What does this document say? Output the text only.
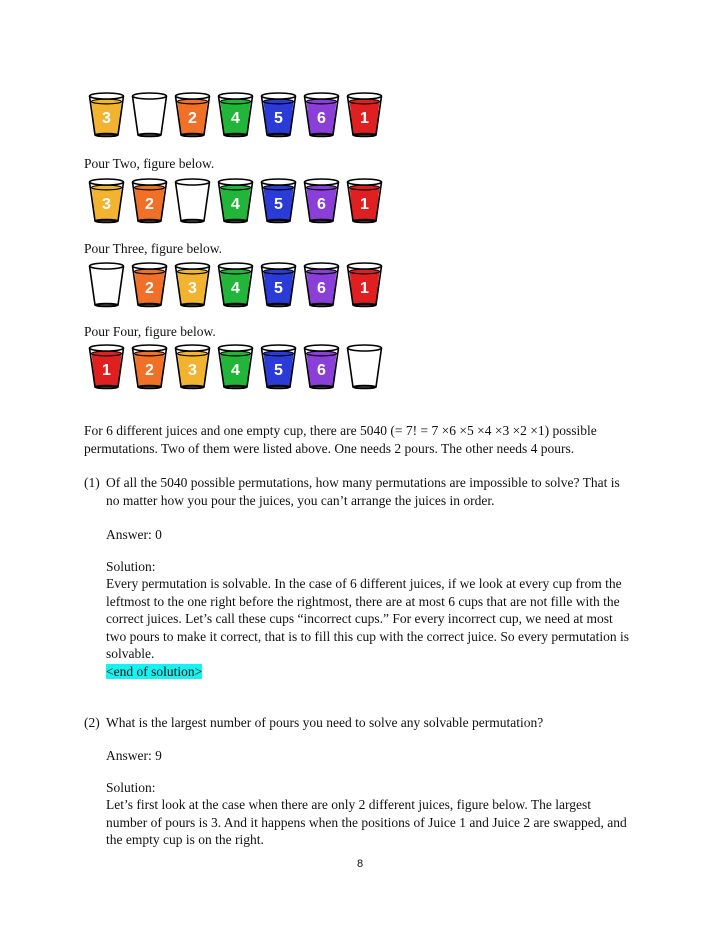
3	2 4 5 6 1

Pour Two, figure below.

3 2	4 5 6 1

Pour Three, figure below.

2 3 4 5 6 1

Pour Four, figure below.

1 2 3 4 5 6

For 6 different juices and one empty cup, there are 5040 (= 7! = 7 ×6 ×5 ×4 ×3 ×2 ×1) possible permutations. Two of them were listed above. One needs 2 pours. The other needs 4 pours.

(1) Of all the 5040 possible permutations, how many permutations are impossible to solve? That is no matter how you pour the juices, you can’t arrange the juices in order.

Answer: 0

Solution:

Every permutation is solvable. In the case of 6 different juices, if we look at every cup from the leftmost to the one right before the rightmost, there are at most 6 cups that are not fille with the correct juices. Let’s call these cups “incorrect cups.” For every incorrect cup, we need at most two pours to make it correct, that is to fill this cup with the correct juice. So every permutation is solvable.

<end of solution>

(2) What is the largest number of pours you need to solve any solvable permutation?

Answer: 9

Solution:

Let’s first look at the case when there are only 2 different juices, figure below. The largest number of pours is 3. And it happens when the positions of Juice 1 and Juice 2 are swapped, and the empty cup is on the right.

8
